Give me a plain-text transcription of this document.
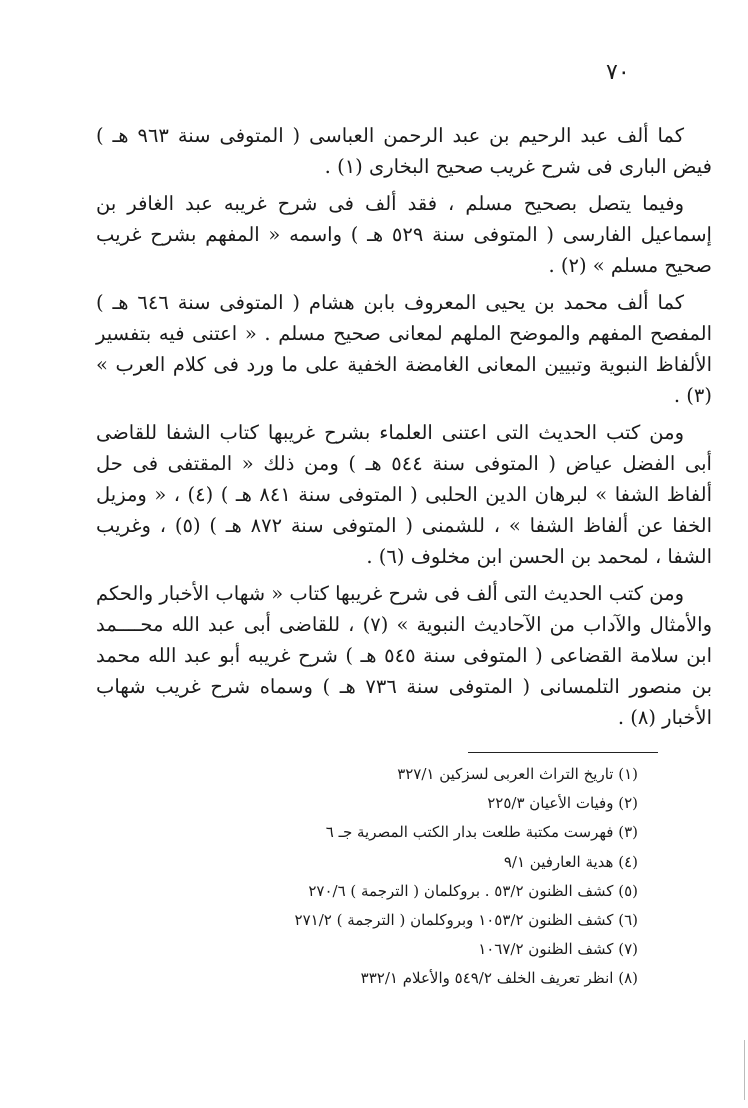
٧٠

كما ألف عبد الرحيم بن عبد الرحمن العباسى ( المتوفى سنة ٩٦٣ هـ ) فيض البارى فى شرح غريب صحيح البخارى (١) .

وفيما يتصل بصحيح مسلم ، فقد ألف فى شرح غريبه عبد الغافر بن إسماعيل الفارسى ( المتوفى سنة ٥٢٩ هـ ) واسمه « المفهم بشرح غريب صحيح مسلم » (٢) .

كما ألف محمد بن يحيى المعروف بابن هشام ( المتوفى سنة ٦٤٦ هـ ) المفصح المفهم والموضح الملهم لمعانى صحيح مسلم . « اعتنى فيه بتفسير الألفاظ النبوية وتبيين المعانى الغامضة الخفية على ما ورد فى كلام العرب » (٣) .

ومن كتب الحديث التى اعتنى العلماء بشرح غريبها كتاب الشفا للقاضى أبى الفضل عياض ( المتوفى سنة ٥٤٤ هـ ) ومن ذلك « المقتفى فى حل ألفاظ الشفا » لبرهان الدين الحلبى ( المتوفى سنة ٨٤١ هـ ) (٤) ، « ومزيل الخفا عن ألفاظ الشفا » ، للشمنى ( المتوفى سنة ٨٧٢ هـ ) (٥) ، وغريب الشفا ، لمحمد بن الحسن ابن مخلوف (٦) .

ومن كتب الحديث التى ألف فى شرح غريبها كتاب « شهاب الأخبار والحكم والأمثال والآداب من الآحاديث النبوية » (٧) ، للقاضى أبى عبد الله محــــمد ابن سلامة القضاعى ( المتوفى سنة ٥٤٥ هـ ) شرح غريبه أبو عبد الله محمد بن منصور التلمسانى ( المتوفى سنة ٧٣٦ هـ ) وسماه شرح غريب شهاب الأخبار (٨) .

(١) تاريخ التراث العربى لسزكين ٣٢٧/١
(٢) وفيات الأعيان ٢٢٥/٣
(٣) فهرست مكتبة طلعت بدار الكتب المصرية جـ ٦
(٤) هدية العارفين ٩/١
(٥) كشف الظنون ٥٣/٢ . بروكلمان ( الترجمة ) ٢٧٠/٦
(٦) كشف الظنون ١٠٥٣/٢ وبروكلمان ( الترجمة ) ٢٧١/٢
(٧) كشف الظنون ١٠٦٧/٢
(٨) انظر تعريف الخلف ٥٤٩/٢ والأعلام ٣٣٢/١
